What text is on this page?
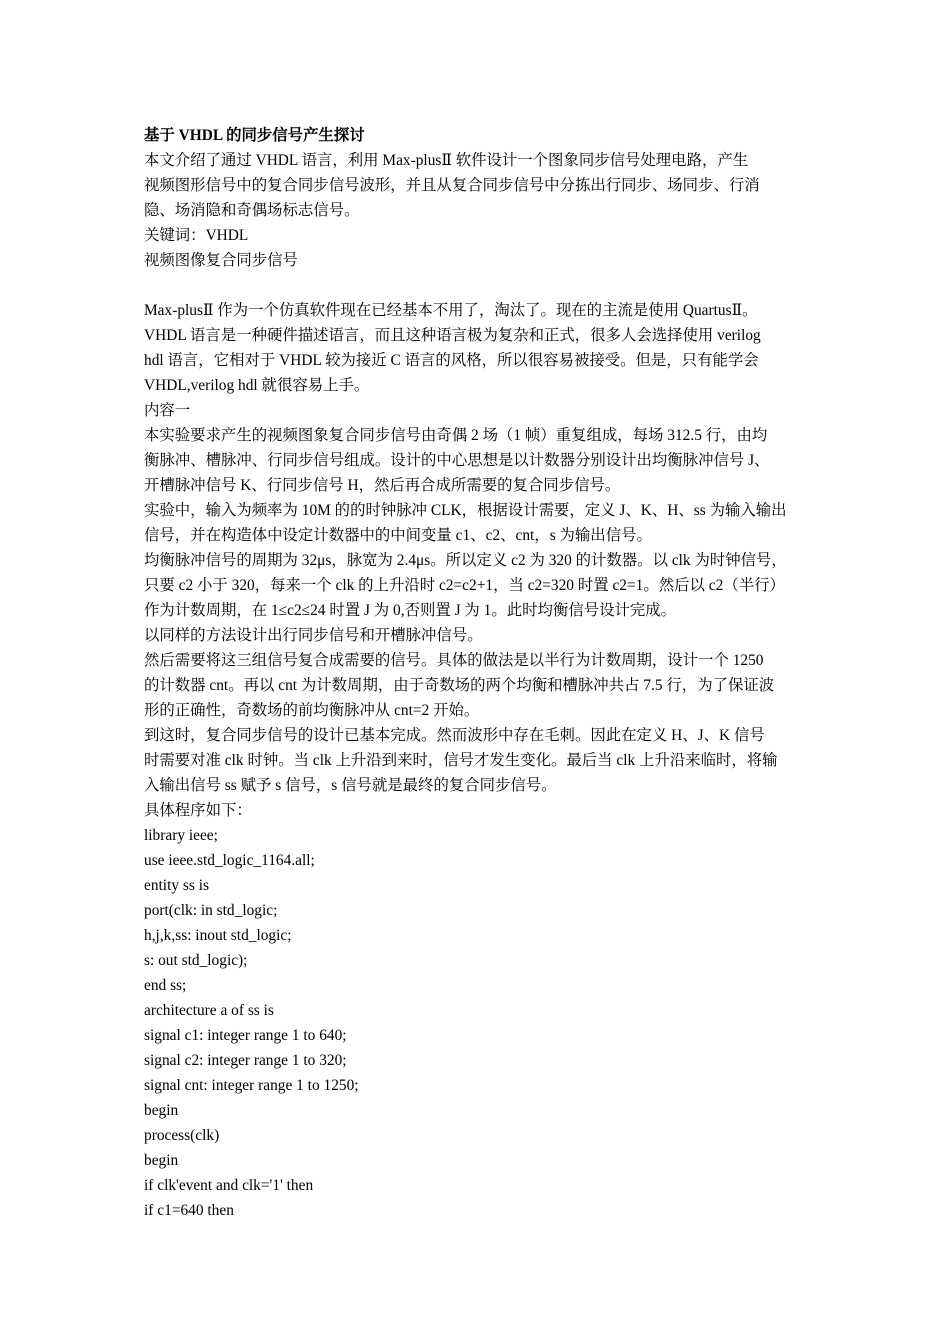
基于 VHDL 的同步信号产生探讨

本文介绍了通过 VHDL 语言，利用 Max-plusⅡ 软件设计一个图象同步信号处理电路，产生

视频图形信号中的复合同步信号波形，并且从复合同步信号中分拣出行同步、场同步、行消

隐、场消隐和奇偶场标志信号。

关键词：VHDL

视频图像复合同步信号

Max-plusⅡ 作为一个仿真软件现在已经基本不用了，淘汰了。现在的主流是使用 QuartusⅡ。

VHDL 语言是一种硬件描述语言，而且这种语言极为复杂和正式，很多人会选择使用 verilog

hdl 语言，它相对于 VHDL 较为接近 C 语言的风格，所以很容易被接受。但是，只有能学会

VHDL,verilog hdl 就很容易上手。

内容一

本实验要求产生的视频图象复合同步信号由奇偶 2 场（1 帧）重复组成，每场 312.5 行，由均

衡脉冲、槽脉冲、行同步信号组成。设计的中心思想是以计数器分别设计出均衡脉冲信号 J、

开槽脉冲信号 K、行同步信号 H，然后再合成所需要的复合同步信号。

实验中，输入为频率为 10M 的的时钟脉冲 CLK，根据设计需要，定义 J、K、H、ss 为输入输出

信号，并在构造体中设定计数器中的中间变量 c1、c2、cnt，s 为输出信号。

均衡脉冲信号的周期为 32μs，脉宽为 2.4μs。所以定义 c2 为 320 的计数器。以 clk 为时钟信号，

只要 c2 小于 320，每来一个 clk 的上升沿时 c2=c2+1，当 c2=320 时置 c2=1。然后以 c2（半行）

作为计数周期，在 1≤c2≤24 时置 J 为 0,否则置 J 为 1。此时均衡信号设计完成。

以同样的方法设计出行同步信号和开槽脉冲信号。

然后需要将这三组信号复合成需要的信号。具体的做法是以半行为计数周期，设计一个 1250

的计数器 cnt。再以 cnt 为计数周期，由于奇数场的两个均衡和槽脉冲共占 7.5 行，为了保证波

形的正确性，奇数场的前均衡脉冲从 cnt=2 开始。

到这时，复合同步信号的设计已基本完成。然而波形中存在毛刺。因此在定义 H、J、K 信号

时需要对准 clk 时钟。当 clk 上升沿到来时，信号才发生变化。最后当 clk 上升沿来临时，将输

入输出信号 ss 赋予 s 信号，s 信号就是最终的复合同步信号。

具体程序如下：

library ieee;

use ieee.std_logic_1164.all;

entity ss is

port(clk: in std_logic;

h,j,k,ss: inout std_logic;

s: out std_logic);

end ss;

architecture a of ss is

signal c1: integer range 1 to 640;

signal c2: integer range 1 to 320;

signal cnt: integer range 1 to 1250;

begin

process(clk)

begin

if clk'event and clk='1' then

if c1=640 then
